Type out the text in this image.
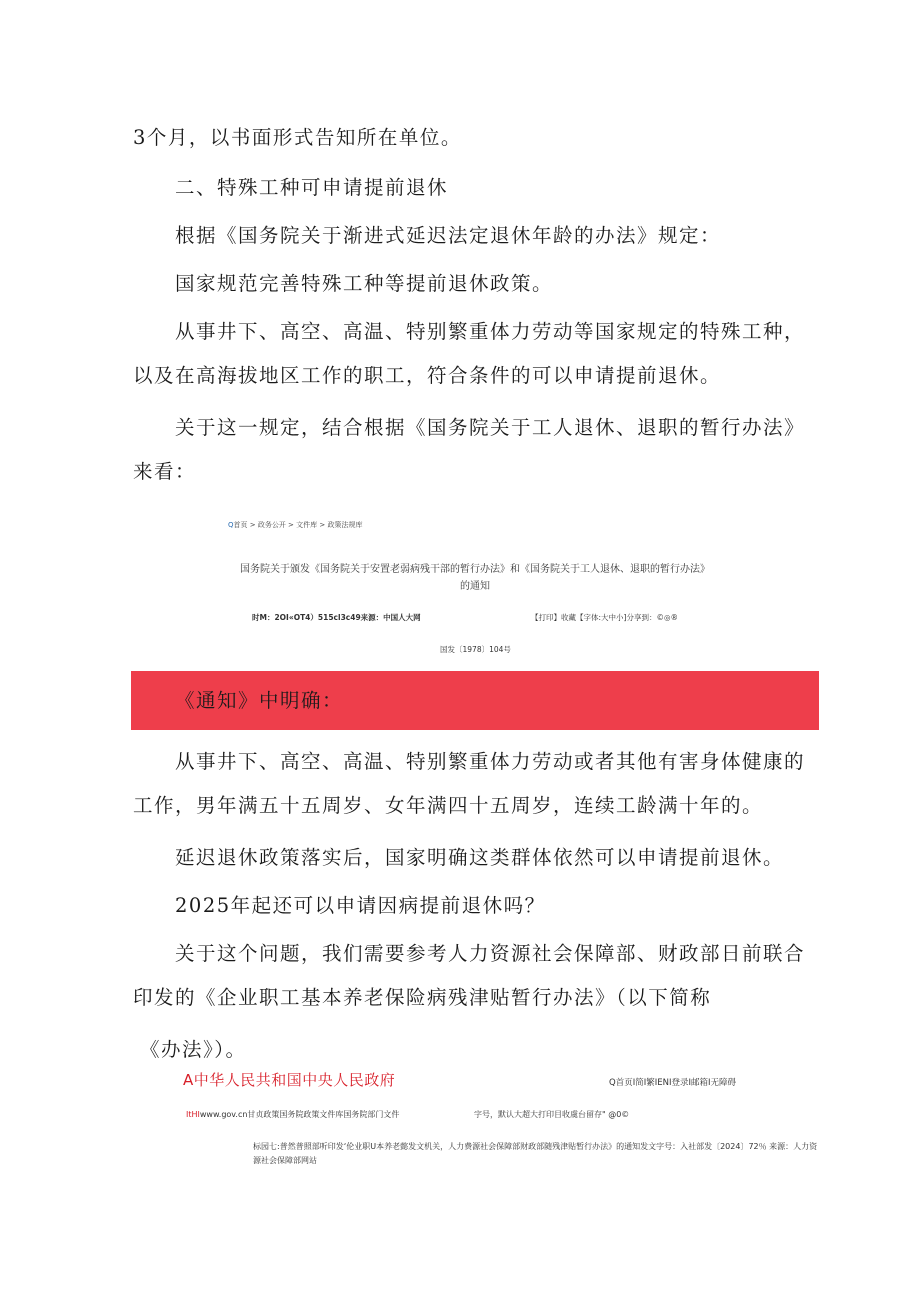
3个月，以书面形式告知所在单位。

二、特殊工种可申请提前退休

根据《国务院关于渐进式延迟法定退休年龄的办法》规定：

国家规范完善特殊工种等提前退休政策。

从事井下、高空、高温、特别繁重体力劳动等国家规定的特殊工种，以及在高海拔地区工作的职工，符合条件的可以申请提前退休。

关于这一规定，结合根据《国务院关于工人退休、退职的暂行办法》来看：

Q首页 > 政务公开 > 文件库 > 政策法规库
国务院关于颁发《国务院关于安置老弱病残干部的暂行办法》和《国务院关于工人退休、退职的暂行办法》的通知
时M：2OI«OT4）515cl3c49来源：中国人大网	【打印】收藏【字体:大中小]分享到：©◎®
国发〔1978〕104号
《通知》中明确：

从事井下、高空、高温、特别繁重体力劳动或者其他有害身体健康的工作，男年满五十五周岁、女年满四十五周岁，连续工龄满十年的。

延迟退休政策落实后，国家明确这类群体依然可以申请提前退休。

2025年起还可以申请因病提前退休吗？

关于这个问题，我们需要参考人力资源社会保障部、财政部日前联合印发的《企业职工基本养老保险病残津贴暂行办法》（以下简称

《办法》）。

A中华人民共和国中央人民政府	Q首页I简I繁IENI登录I邮箱I无障碍
ItHIwww.gov.cn甘贞政策国务院政策文件库国务院部门文件	字号，默认大超大打印目收虞台留存" @0©
标园七:普然普照部听印发‘伦业职U本养老懿发文机关，人力费源社会保障部财政部随残津贴暂行办法》的通知发文字号：入社部发〔2024〕72％ 来源：人力资源社会保障部网站
